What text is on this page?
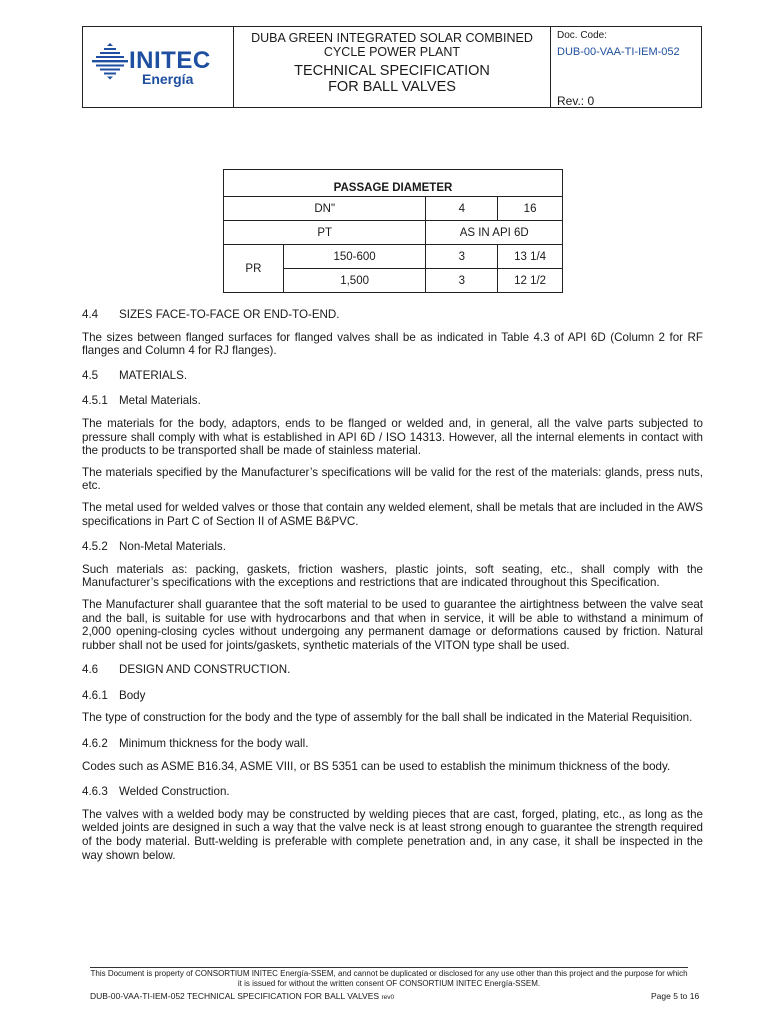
INITEC
Energía
DUBA GREEN INTEGRATED SOLAR COMBINED CYCLE POWER PLANT
TECHNICAL SPECIFICATION
FOR BALL VALVES
Doc. Code:
DUB-00-VAA-TI-IEM-052
Rev.: 0
PASSAGE DIAMETER			
DN"		4	16
PT		AS IN API 6D	
PR	150-600	3	13 1/4
	1,500	3	12 1/2
4.4 SIZES FACE-TO-FACE OR END-TO-END.

The sizes between flanged surfaces for flanged valves shall be as indicated in Table 4.3 of API 6D (Column 2 for RF flanges and Column 4 for RJ flanges).

4.5 MATERIALS.
4.5.1 Metal Materials.

The materials for the body, adaptors, ends to be flanged or welded and, in general, all the valve parts subjected to pressure shall comply with what is established in API 6D / ISO 14313. However, all the internal elements in contact with the products to be transported shall be made of stainless material.

The materials specified by the Manufacturer’s specifications will be valid for the rest of the materials: glands, press nuts, etc.

The metal used for welded valves or those that contain any welded element, shall be metals that are included in the AWS specifications in Part C of Section II of ASME B&PVC.

4.5.2 Non-Metal Materials.

Such materials as: packing, gaskets, friction washers, plastic joints, soft seating, etc., shall comply with the Manufacturer’s specifications with the exceptions and restrictions that are indicated throughout this Specification.

The Manufacturer shall guarantee that the soft material to be used to guarantee the airtightness between the valve seat and the ball, is suitable for use with hydrocarbons and that when in service, it will be able to withstand a minimum of 2,000 opening-closing cycles without undergoing any permanent damage or deformations caused by friction. Natural rubber shall not be used for joints/gaskets, synthetic materials of the VITON type shall be used.

4.6 DESIGN AND CONSTRUCTION.
4.6.1 Body

The type of construction for the body and the type of assembly for the ball shall be indicated in the Material Requisition.

4.6.2 Minimum thickness for the body wall.

Codes such as ASME B16.34, ASME VIII, or BS 5351 can be used to establish the minimum thickness of the body.

4.6.3 Welded Construction.

The valves with a welded body may be constructed by welding pieces that are cast, forged, plating, etc., as long as the welded joints are designed in such a way that the valve neck is at least strong enough to guarantee the strength required of the body material. Butt-welding is preferable with complete penetration and, in any case, it shall be inspected in the way shown below.

This Document is property of CONSORTIUM INITEC Energía-SSEM, and cannot be duplicated or disclosed for any use other than this project and the purpose for which it is issued for without the written consent OF CONSORTIUM INITEC Energía-SSEM.
DUB-00-VAA-TI-IEM-052 TECHNICAL SPECIFICATION FOR BALL VALVES rev0	Page 5 to 16
